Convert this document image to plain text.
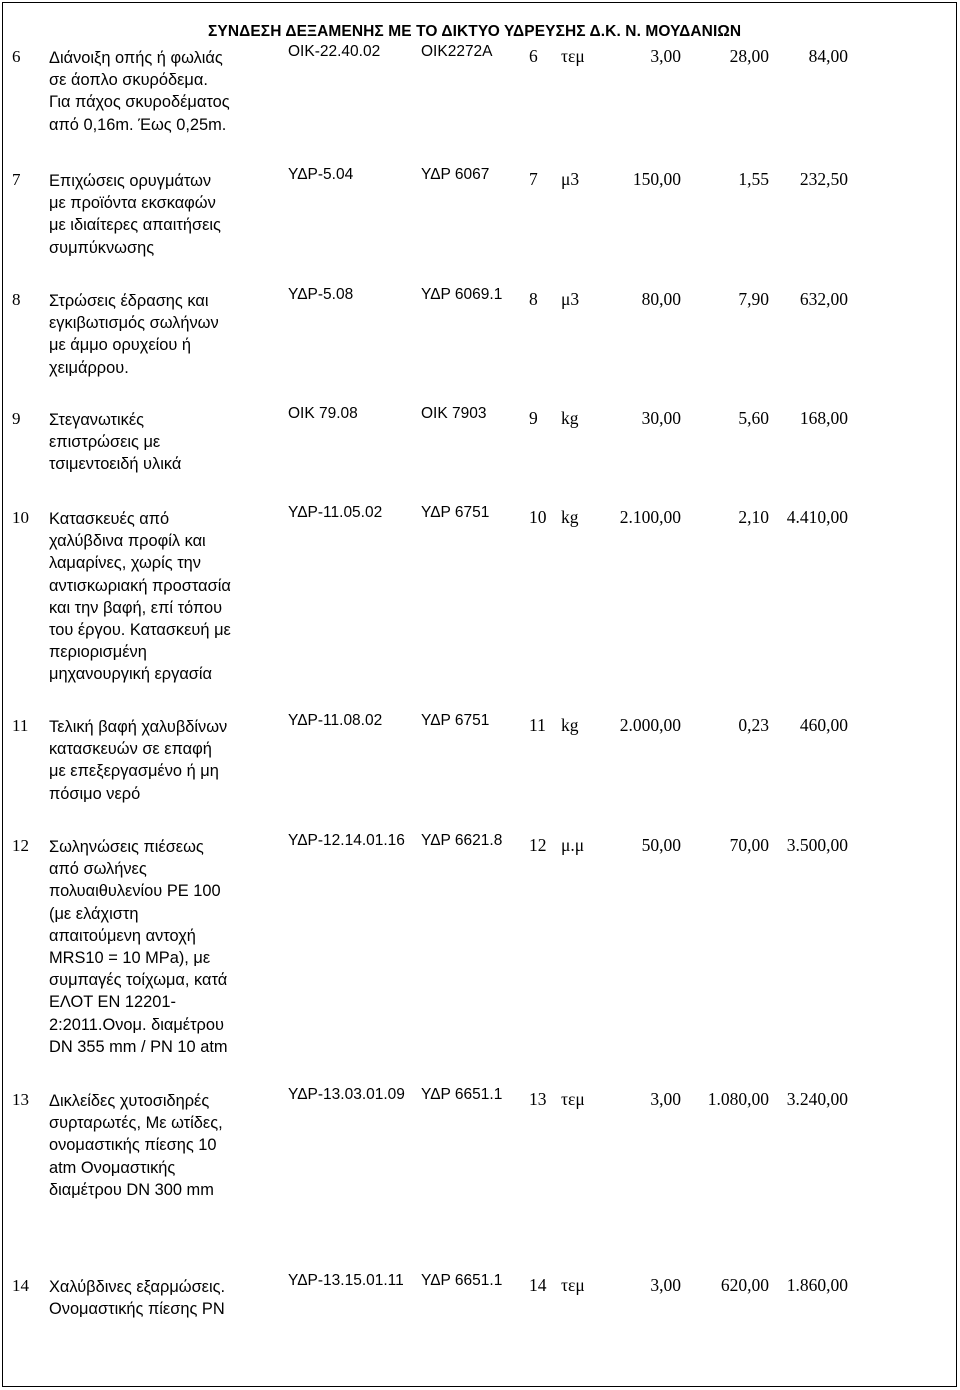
ΣΥΝΔΕΣΗ ΔΕΞΑΜΕΝΗΣ ΜΕ ΤΟ ΔΙΚΤΥΟ ΥΔΡΕΥΣΗΣ Δ.Κ. Ν. ΜΟΥΔΑΝΙΩΝ
6	Διάνοιξη οπής ή φωλιάς
σε άοπλο σκυρόδεμα.
Για πάχος σκυροδέματος
από 0,16m. Έως 0,25m.
ΟΙΚ-22.40.02	ΟΙΚ2272Α	6	τεμ	3,00	28,00	84,00
7	Επιχώσεις ορυγμάτων
με προϊόντα εκσκαφών
με ιδιαίτερες απαιτήσεις
συμπύκνωσης
ΥΔΡ-5.04	ΥΔΡ 6067	7	μ3	150,00	1,55	232,50
8	Στρώσεις έδρασης και
εγκιβωτισμός σωλήνων
με άμμο ορυχείου ή
χειμάρρου.
ΥΔΡ-5.08	ΥΔΡ 6069.1	8	μ3	80,00	7,90	632,00
9	Στεγανωτικές
επιστρώσεις με
τσιμεντοειδή υλικά
ΟΙΚ 79.08	ΟΙΚ 7903	9	kg	30,00	5,60	168,00
10	Κατασκευές από
χαλύβδινα προφίλ και
λαμαρίνες, χωρίς την
αντισκωριακή προστασία
και την βαφή, επί τόπου
του έργου. Κατασκευή με
περιορισμένη
μηχανουργική εργασία
ΥΔΡ-11.05.02	ΥΔΡ 6751	10 kg	2.100,00	2,10	4.410,00
11	Τελική βαφή χαλυβδίνων
κατασκευών σε επαφή
με επεξεργασμένο ή μη
πόσιμο νερό
ΥΔΡ-11.08.02	ΥΔΡ 6751	11 kg	2.000,00	0,23	460,00
12	Σωληνώσεις πιέσεως
από σωλήνες
πολυαιθυλενίου PE 100
(με ελάχιστη
απαιτούμενη αντοχή
MRS10 = 10 MPa), με
συμπαγές τοίχωμα, κατά
ΕΛΟΤ ΕΝ 12201-
2:2011.Ονομ. διαμέτρου
DN 355 mm / PN 10 atm
ΥΔΡ-12.14.01.16	ΥΔΡ 6621.8	12 μ.μ	50,00	70,00	3.500,00
13	Δικλείδες χυτοσιδηρές
συρταρωτές, Με ωτίδες,
ονομαστικής πίεσης 10
atm Ονομαστικής
διαμέτρου DN 300 mm
ΥΔΡ-13.03.01.09	ΥΔΡ 6651.1	13 τεμ	3,00	1.080,00	3.240,00
14	Χαλύβδινες εξαρμώσεις.
Ονομαστικής πίεσης PN
ΥΔΡ-13.15.01.11	ΥΔΡ 6651.1	14 τεμ	3,00	620,00	1.860,00
